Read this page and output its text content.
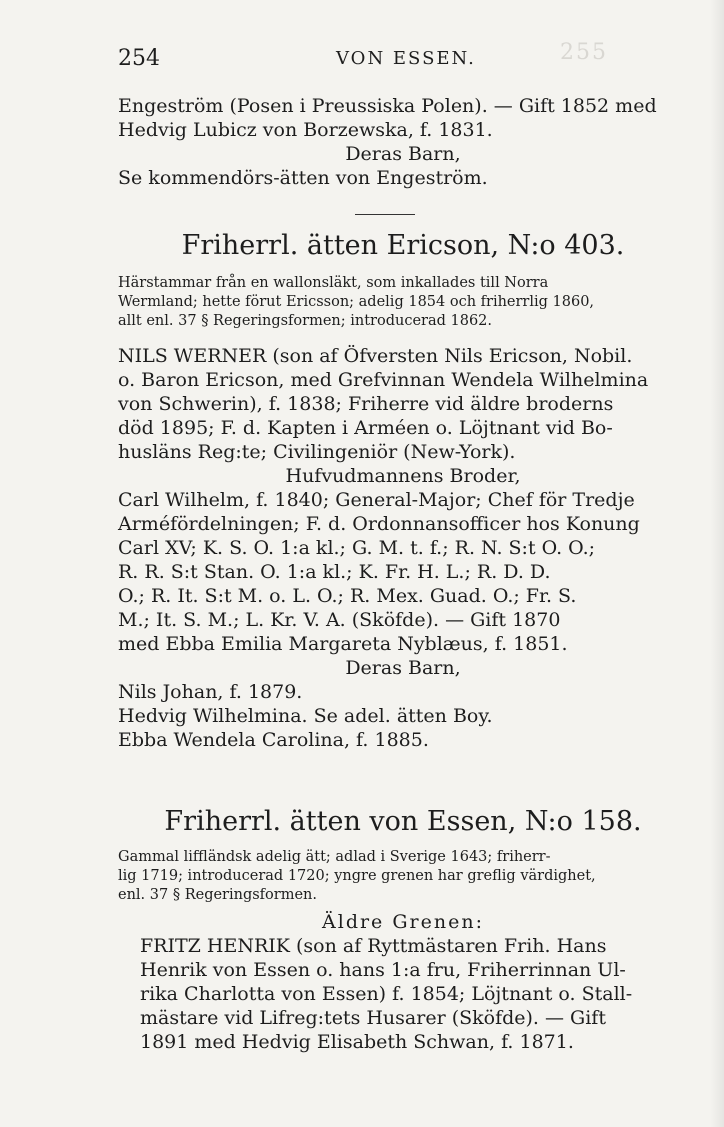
255
254	VON ESSEN.
Engeström (Posen i Preussiska Polen). — Gift 1852 med
Hedvig Lubicz von Borzewska, f. 1831.
Deras Barn,
Se kommendörs-ätten von Engeström.
Friherrl. ätten Ericson, N:o 403.
Härstammar från en wallonsläkt, som inkallades till Norra
Wermland; hette förut Ericsson; adelig 1854 och friherrlig 1860,
allt enl. 37 § Regeringsformen; introducerad 1862.
NILS WERNER (son af Öfversten Nils Ericson, Nobil.
o. Baron Ericson, med Grefvinnan Wendela Wilhelmina
von Schwerin), f. 1838; Friherre vid äldre broderns
död 1895; F. d. Kapten i Arméen o. Löjtnant vid Bo-
husläns Reg:te; Civilingeniör (New-York).
Hufvudmannens Broder,
Carl Wilhelm, f. 1840; General-Major; Chef för Tredje
Arméfördelningen; F. d. Ordonnansofficer hos Konung
Carl XV; K. S. O. 1:a kl.; G. M. t. f.; R. N. S:t O. O.;
R. R. S:t Stan. O. 1:a kl.; K. Fr. H. L.; R. D. D.
O.; R. It. S:t M. o. L. O.; R. Mex. Guad. O.; Fr. S.
M.; It. S. M.; L. Kr. V. A. (Sköfde). — Gift 1870
med Ebba Emilia Margareta Nyblæus, f. 1851.
Deras Barn,
Nils Johan, f. 1879.
Hedvig Wilhelmina. Se adel. ätten Boy.
Ebba Wendela Carolina, f. 1885.
Friherrl. ätten von Essen, N:o 158.
Gammal liffländsk adelig ätt; adlad i Sverige 1643; friherr-
lig 1719; introducerad 1720; yngre grenen har greflig värdighet,
enl. 37 § Regeringsformen.
Äldre Grenen:
FRITZ HENRIK (son af Ryttmästaren Frih. Hans
Henrik von Essen o. hans 1:a fru, Friherrinnan Ul-
rika Charlotta von Essen) f. 1854; Löjtnant o. Stall-
mästare vid Lifreg:tets Husarer (Sköfde). — Gift
1891 med Hedvig Elisabeth Schwan, f. 1871.
